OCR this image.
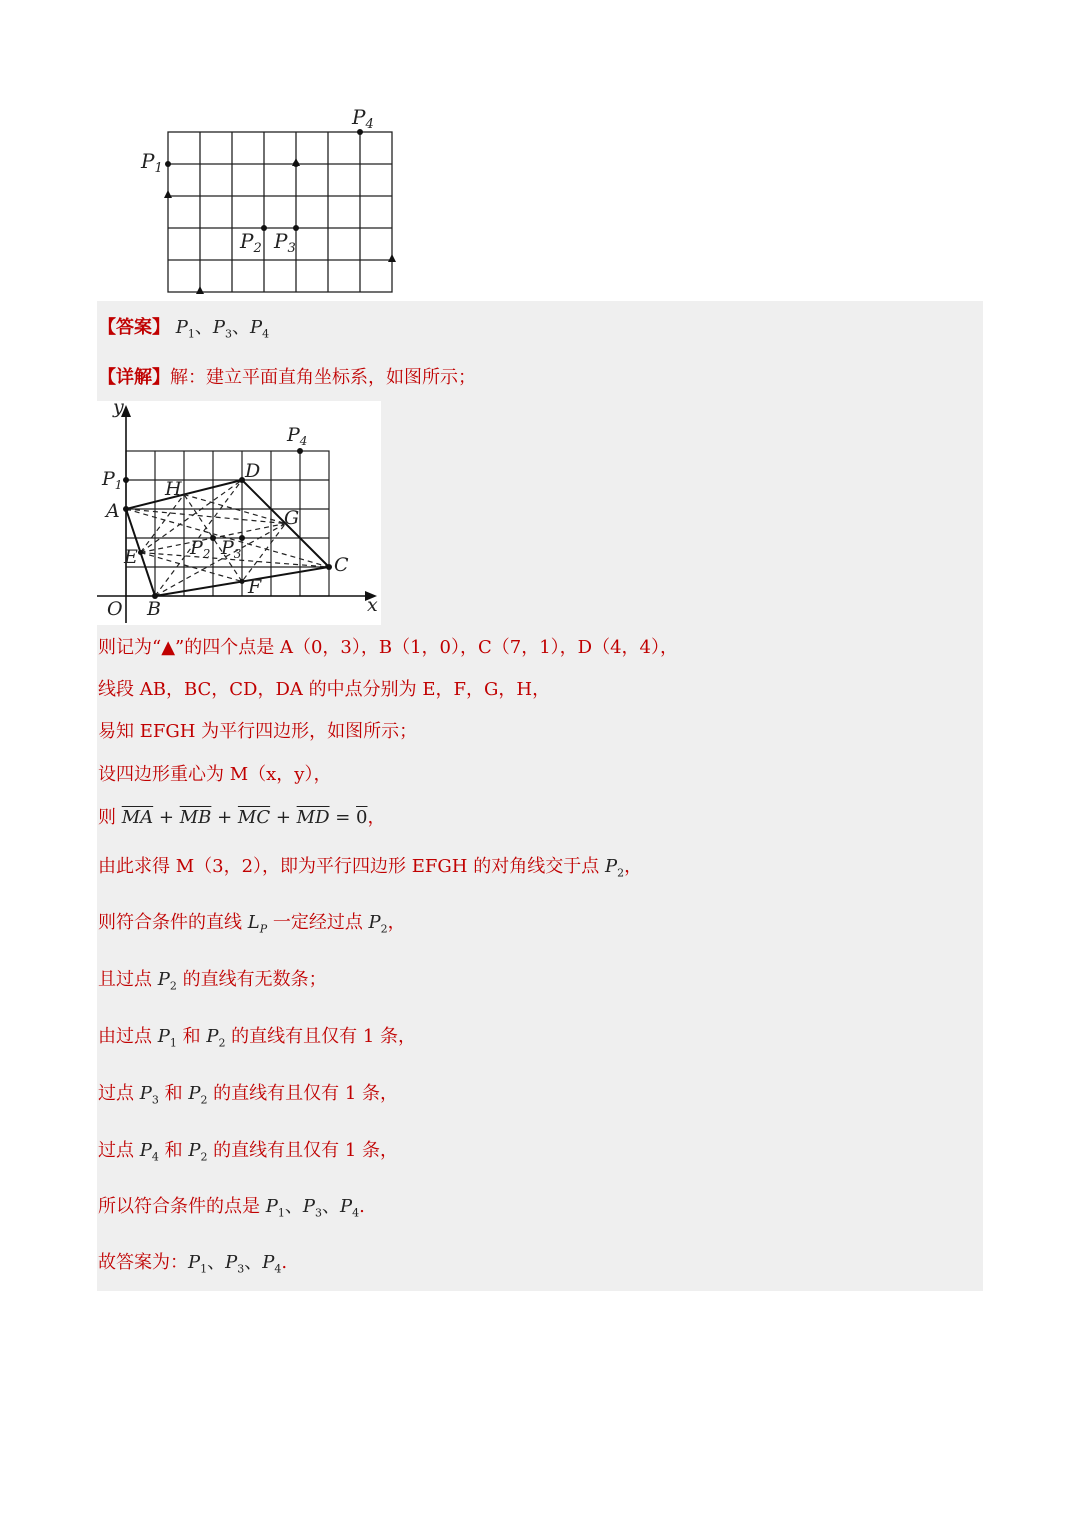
$P_1$
$P_2$ $P_3$
$P_4$
【答案】 $P_1$、$P_3$、$P_4$
【详解】解：建立平面直角坐标系，如图所示；
y
x
O
A
B
C
D
E
F
G
H
$P_1$
$P_2$ $P_3$
$P_4$
则记为“▲”的四个点是 A（0，3），B（1，0），C（7，1），D（4，4），
线段 AB，BC，CD，DA 的中点分别为 E，F，G，H，
易知 EFGH 为平行四边形，如图所示；
设四边形重心为 M（x，y），
则 $\overline{MA} + \overline{MB} + \overline{MC} + \overline{MD} = 0$，
由此求得 M（3，2），即为平行四边形 EFGH 的对角线交于点 $P_2$，
则符合条件的直线 $L_P$ 一定经过点 $P_2$，
且过点 $P_2$ 的直线有无数条；
由过点 $P_1$ 和 $P_2$ 的直线有且仅有 1 条，
过点 $P_3$ 和 $P_2$ 的直线有且仅有 1 条，
过点 $P_4$ 和 $P_2$ 的直线有且仅有 1 条，
所以符合条件的点是 $P_1$、$P_3$、$P_4$.
故答案为：$P_1$、$P_3$、$P_4$.
